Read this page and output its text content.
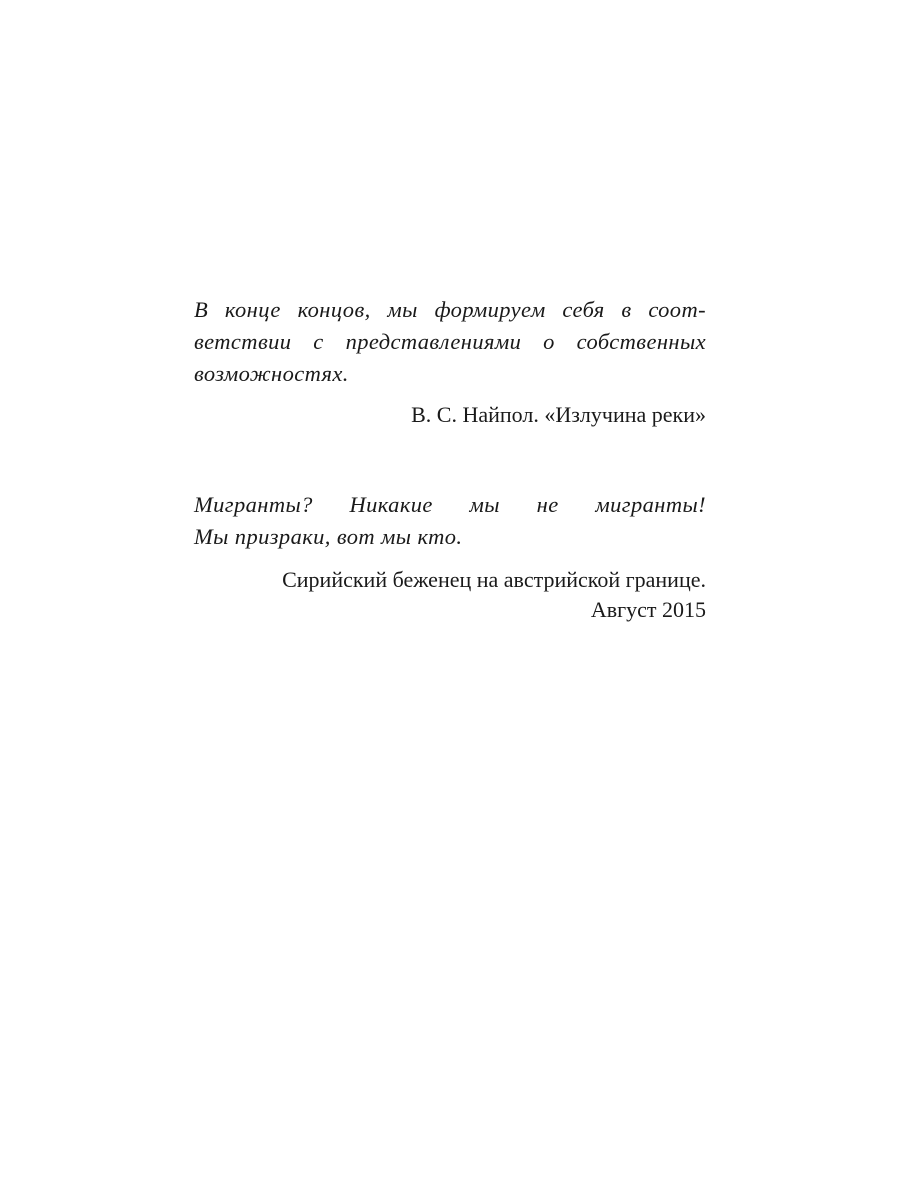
В конце концов, мы формируем себя в соот-
ветствии с представлениями о собственных
возможностях.
В. С. Найпол. «Излучина реки»
Мигранты? Никакие мы не мигранты!
Мы призраки, вот мы кто.
Сирийский беженец на австрийской границе.
Август 2015
